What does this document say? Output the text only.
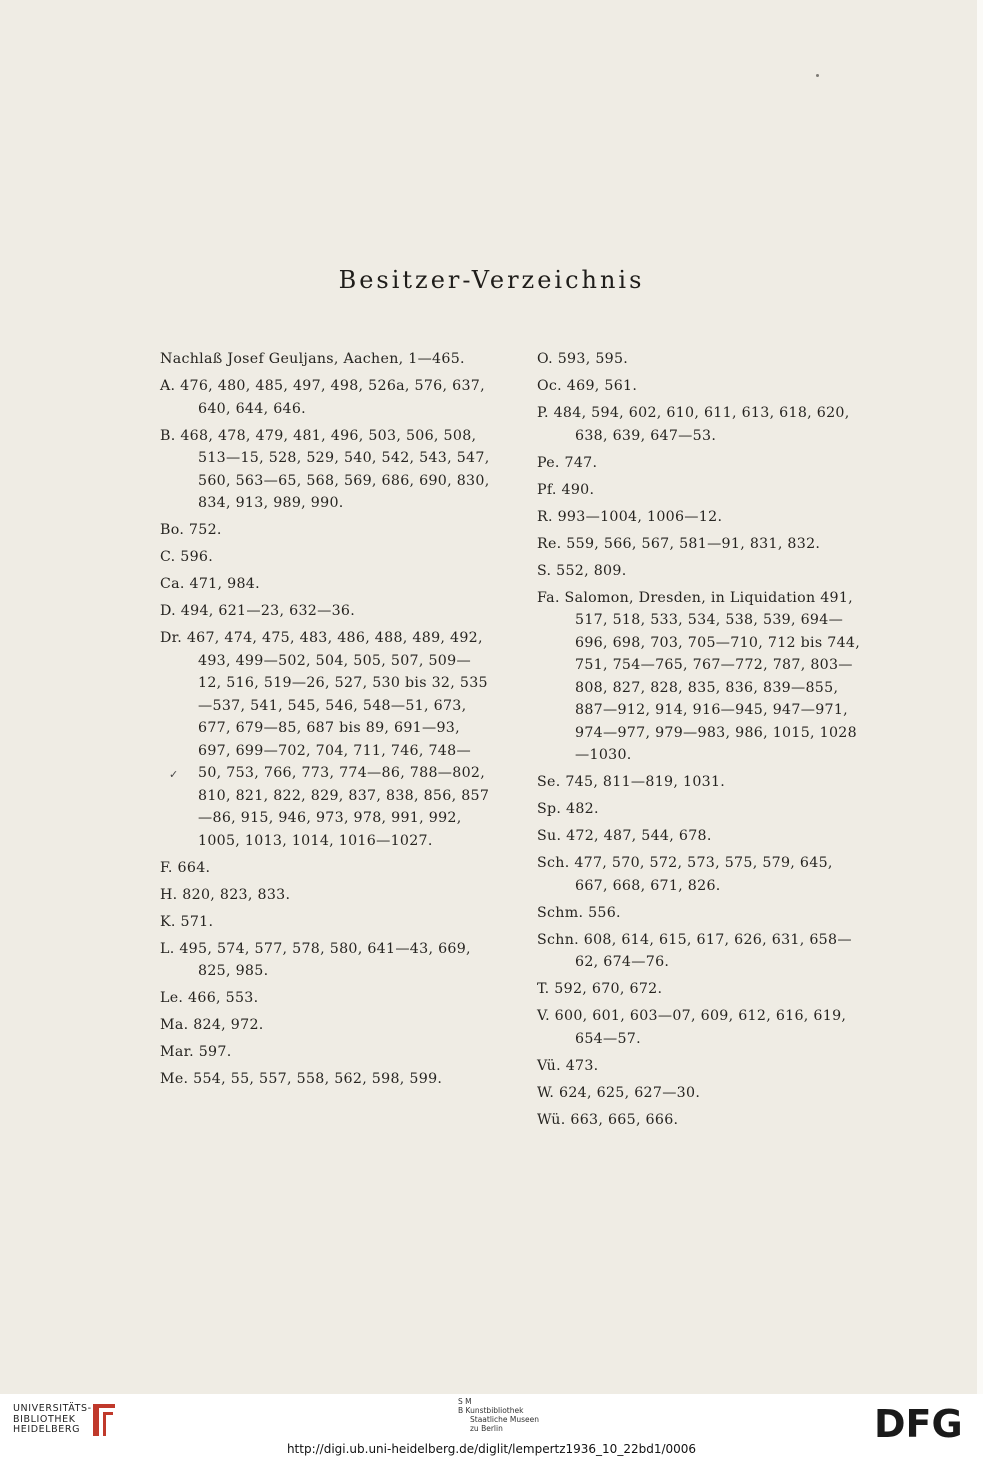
Besitzer-Verzeichnis

Nachlaß Josef Geuljans, Aachen, 1—465.

A. 476, 480, 485, 497, 498, 526a, 576, 637, 640, 644, 646.

B. 468, 478, 479, 481, 496, 503, 506, 508, 513—15, 528, 529, 540, 542, 543, 547, 560, 563—65, 568, 569, 686, 690, 830, 834, 913, 989, 990.

Bo. 752.

C. 596.

Ca. 471, 984.

D. 494, 621—23, 632—36.

Dr. 467, 474, 475, 483, 486, 488, 489, 492, 493, 499—502, 504, 505, 507, 509—12, 516, 519—26, 527, 530 bis 32, 535—537, 541, 545, 546, 548—51, 673, 677, 679—85, 687 bis 89, 691—93, 697, 699—702, 704, 711, 746, 748—50, 753, 766, 773, 774—86, 788—802, 810, 821, 822, 829, 837, 838, 856, 857—86, 915, 946, 973, 978, 991, 992, 1005, 1013, 1014, 1016—1027.

F. 664.

H. 820, 823, 833.

K. 571.

L. 495, 574, 577, 578, 580, 641—43, 669, 825, 985.

Le. 466, 553.

Ma. 824, 972.

Mar. 597.

Me. 554, 55, 557, 558, 562, 598, 599.

✓

O. 593, 595.

Oc. 469, 561.

P. 484, 594, 602, 610, 611, 613, 618, 620, 638, 639, 647—53.

Pe. 747.

Pf. 490.

R. 993—1004, 1006—12.

Re. 559, 566, 567, 581—91, 831, 832.

S. 552, 809.

Fa. Salomon, Dresden, in Liquidation 491, 517, 518, 533, 534, 538, 539, 694—696, 698, 703, 705—710, 712 bis 744, 751, 754—765, 767—772, 787, 803—808, 827, 828, 835, 836, 839—855, 887—912, 914, 916—945, 947—971, 974—977, 979—983, 986, 1015, 1028—1030.

Se. 745, 811—819, 1031.

Sp. 482.

Su. 472, 487, 544, 678.

Sch. 477, 570, 572, 573, 575, 579, 645, 667, 668, 671, 826.

Schm. 556.

Schn. 608, 614, 615, 617, 626, 631, 658—62, 674—76.

T. 592, 670, 672.

V. 600, 601, 603—07, 609, 612, 616, 619, 654—57.

Vü. 473.

W. 624, 625, 627—30.

Wü. 663, 665, 666.

UNIVERSITÄTS-
BIBLIOTHEK
HEIDELBERG
S M
B Kunstbibliothek
Staatliche Museen
zu Berlin	DFG
http://digi.ub.uni-heidelberg.de/diglit/lempertz1936_10_22bd1/0006
